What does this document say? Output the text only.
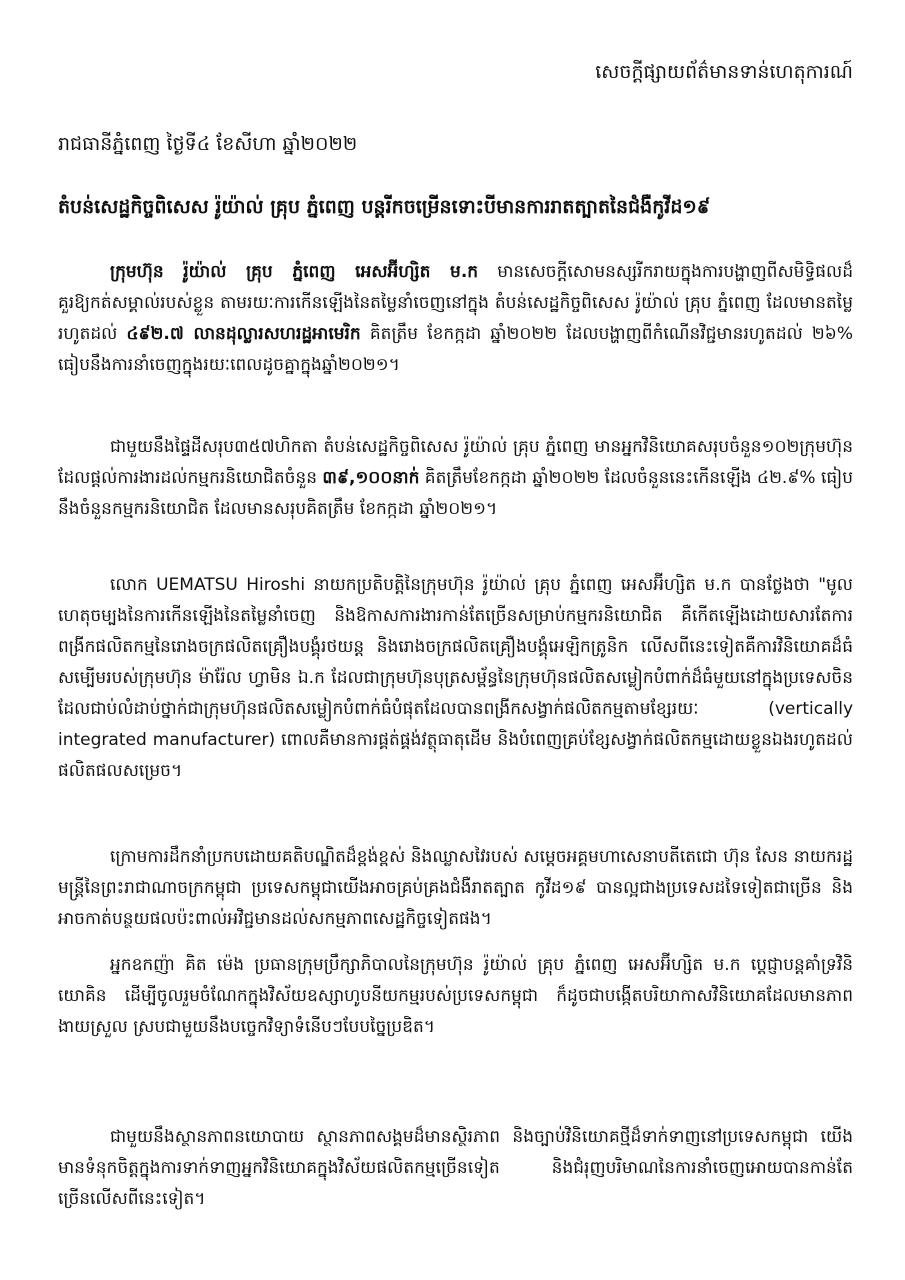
សេចក្តីផ្សាយព័ត៌មានទាន់ហេតុការណ៍
រាជធានីភ្នំពេញ ថ្ងៃទី៤ ខែសីហា ឆ្នាំ២០២២
តំបន់សេដ្ឋកិច្ចពិសេស រ៉ូយ៉ាល់ គ្រុប ភ្នំពេញ បន្តរីកចម្រើនទោះបីមានការរាតត្បាតនៃជំងឺកូវីដ១៩

ក្រុមហ៊ុន រ៉ូយ៉ាល់ គ្រុប ភ្នំពេញ អេសអ៊ីហ្សិត ម.ក មានសេចក្តីសោមនស្សរីករាយក្នុងការបង្ហាញពីសមិទ្ធិផលដ៏គួរឱ្យកត់សម្គាល់របស់ខ្លួន តាមរយៈការកើនឡើងនៃតម្លៃនាំចេញនៅក្នុង តំបន់សេដ្ឋកិច្ចពិសេស រ៉ូយ៉ាល់ គ្រុប ភ្នំពេញ ដែលមានតម្លៃរហូតដល់ ៤៩២.៧ លានដុល្លារសហរដ្ឋអាមេរិក គិតត្រឹម ខែកក្កដា ឆ្នាំ២០២២ ដែលបង្ហាញពីកំណើនវិជ្ជមានរហូតដល់ ២៦% ធៀបនឹងការនាំចេញក្នុងរយៈពេលដូចគ្នាក្នុងឆ្នាំ២០២១។

ជាមួយនឹងផ្ទៃដីសរុប៣៥៧ហិកតា តំបន់សេដ្ឋកិច្ចពិសេស រ៉ូយ៉ាល់ គ្រុប ភ្នំពេញ មានអ្នកវិនិយោគសរុបចំនួន១០២ក្រុមហ៊ុន ដែលផ្តល់ការងារដល់កម្មករនិយោជិតចំនួន ៣៩,១០០នាក់ គិតត្រឹមខែកក្កដា ឆ្នាំ២០២២ ដែលចំនួននេះកើនឡើង ៤២.៩% ធៀបនឹងចំនួនកម្មករនិយោជិត ដែលមានសរុបគិតត្រឹម ខែកក្កដា ឆ្នាំ២០២១។

លោក UEMATSU Hiroshi នាយកប្រតិបត្តិនៃក្រុមហ៊ុន រ៉ូយ៉ាល់ គ្រុប ភ្នំពេញ អេសអ៊ីហ្សិត ម.ក បានថ្លែងថា "មូលហេតុចម្បងនៃការកើនឡើងនៃតម្លៃនាំចេញ និងឱកាសការងារកាន់តែច្រើនសម្រាប់កម្មករនិយោជិត គឺកើតឡើងដោយសារតែការពង្រីកផលិតកម្មនៃរោងចក្រផលិតគ្រឿងបង្គុំរថយន្ត និងរោងចក្រផលិតគ្រឿងបង្គុំអេឡិកត្រូនិក លើសពីនេះទៀតគឺការវិនិយោគដ៏ធំសម្បើមរបស់ក្រុមហ៊ុន ម៉ារ៉ែល ហ្វាមិន ឯ.ក ដែលជាក្រុមហ៊ុនបុត្រសម្ព័ន្ធនៃក្រុមហ៊ុនផលិតសម្លៀកបំពាក់ដ៏ធំមួយនៅក្នុងប្រទេសចិន ដែលជាប់លំដាប់ថ្នាក់ជាក្រុមហ៊ុនផលិតសម្លៀកបំពាក់ធំបំផុតដែលបានពង្រីកសង្វាក់ផលិតកម្មតាមខ្សែរយៈ (vertically integrated manufacturer) ពោលគឺមានការផ្គត់ផ្គង់វត្ថុធាតុដើម និងបំពេញគ្រប់ខ្សែសង្វាក់ផលិតកម្មដោយខ្លួនឯងរហូតដល់ផលិតផលសម្រេច។

ក្រោមការដឹកនាំប្រកបដោយគតិបណ្ឌិតដ៏ខ្ពង់ខ្ពស់ និងឈ្លាសវៃរបស់ សម្តេចអគ្គមហាសេនាបតីតេជោ ហ៊ុន សែន នាយករដ្ឋមន្ត្រីនៃព្រះរាជាណាចក្រកម្ពុជា ប្រទេសកម្ពុជាយើងអាចគ្រប់គ្រងជំងឺរាតត្បាត កូវីដ១៩ បានល្អជាងប្រទេសដទៃទៀតជាច្រើន និងអាចកាត់បន្ថយផលប៉ះពាល់អវិជ្ជមានដល់សកម្មភាពសេដ្ឋកិច្ចទៀតផង។

អ្នកឧកញ៉ា គិត ម៉េង ប្រធានក្រុមប្រឹក្សាភិបាលនៃក្រុមហ៊ុន រ៉ូយ៉ាល់ គ្រុប ភ្នំពេញ អេសអ៊ីហ្សិត ម.ក ប្តេជ្ញាបន្តគាំទ្រវិនិយោគិន ដើម្បីចូលរួមចំណែកក្នុងវិស័យឧស្សាហូបនីយកម្មរបស់ប្រទេសកម្ពុជា ក៏ដូចជាបង្កើតបរិយាកាសវិនិយោគដែលមានភាពងាយស្រួល ស្របជាមួយនឹងបច្ចេកវិទ្យាទំនើបៗបែបច្នៃប្រឌិត។

ជាមួយនឹងស្ថានភាពនយោបាយ ស្ថានភាពសង្គមដ៏មានស្ថិរភាព និងច្បាប់វិនិយោគថ្មីដ៏ទាក់ទាញនៅប្រទេសកម្ពុជា យើងមានទំនុកចិត្តក្នុងការទាក់ទាញអ្នកវិនិយោគក្នុងវិស័យផលិតកម្មច្រើនទៀត និងជំរុញបរិមាណនៃការនាំចេញអោយបានកាន់តែច្រើនលើសពីនេះទៀត។
